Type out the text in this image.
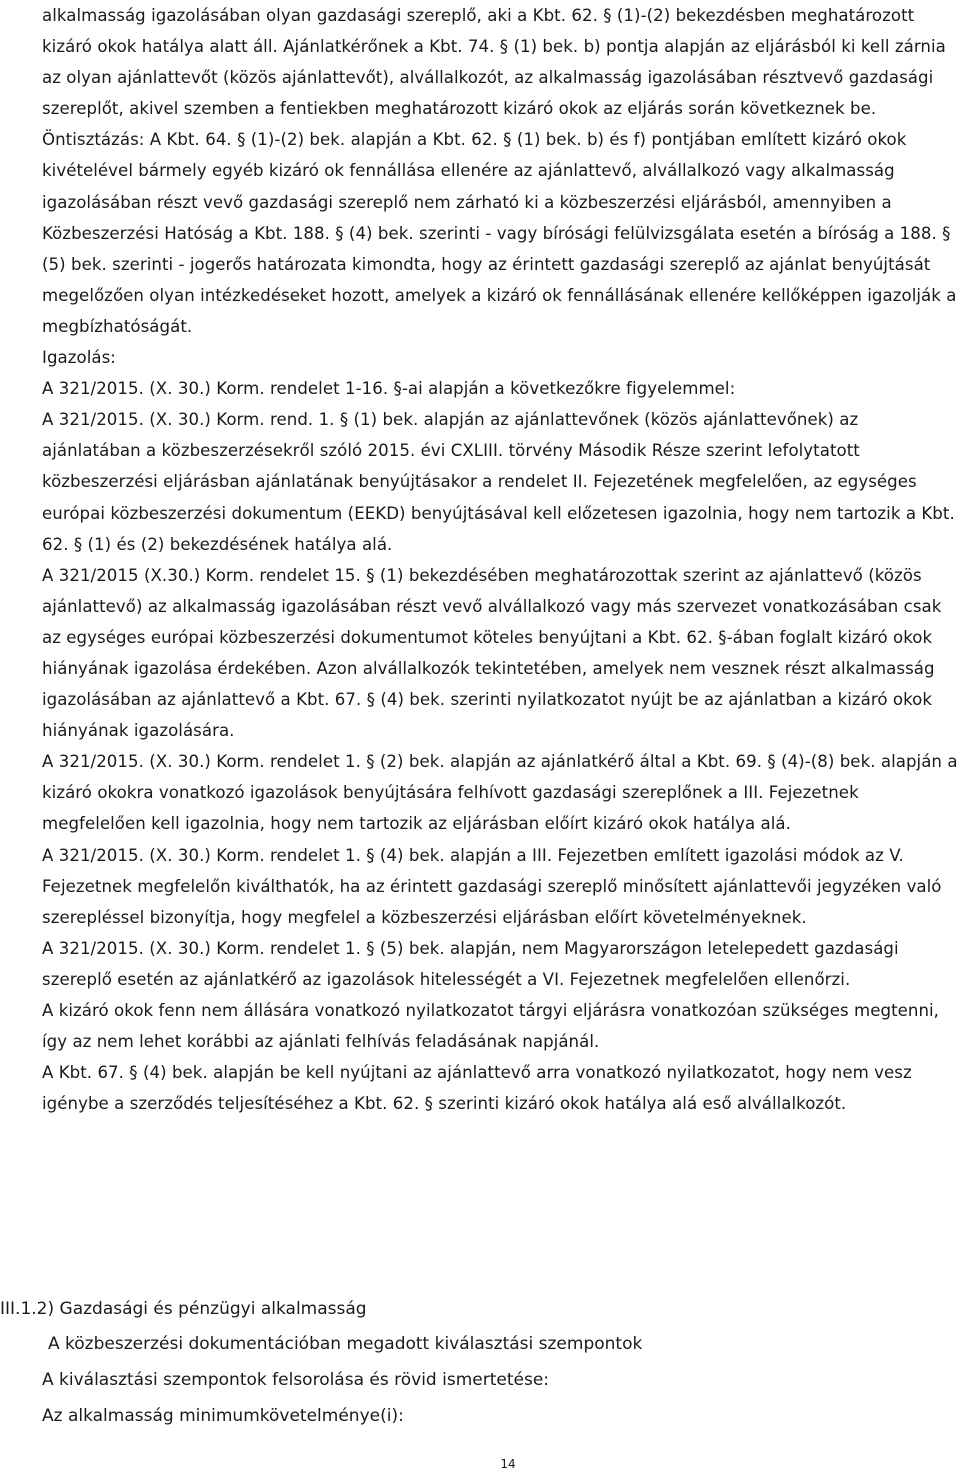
alkalmasság igazolásában olyan gazdasági szereplő, aki a Kbt. 62. § (1)-(2) bekezdésben meghatározott kizáró okok hatálya alatt áll. Ajánlatkérőnek a Kbt. 74. § (1) bek. b) pontja alapján az eljárásból ki kell zárnia az olyan ajánlattevőt (közös ajánlattevőt), alvállalkozót, az alkalmasság igazolásában résztvevő gazdasági szereplőt, akivel szemben a fentiekben meghatározott kizáró okok az eljárás során következnek be.

Öntisztázás: A Kbt. 64. § (1)-(2) bek. alapján a Kbt. 62. § (1) bek. b) és f) pontjában említett kizáró okok kivételével bármely egyéb kizáró ok fennállása ellenére az ajánlattevő, alvállalkozó vagy alkalmasság igazolásában részt vevő gazdasági szereplő nem zárható ki a közbeszerzési eljárásból, amennyiben a Közbeszerzési Hatóság a Kbt. 188. § (4) bek. szerinti - vagy bírósági felülvizsgálata esetén a bíróság a 188. § (5) bek. szerinti - jogerős határozata kimondta, hogy az érintett gazdasági szereplő az ajánlat benyújtását megelőzően olyan intézkedéseket hozott, amelyek a kizáró ok fennállásának ellenére kellőképpen igazolják a megbízhatóságát.

Igazolás:

A 321/2015. (X. 30.) Korm. rendelet 1-16. §-ai alapján a következőkre figyelemmel:

A 321/2015. (X. 30.) Korm. rend. 1. § (1) bek. alapján az ajánlattevőnek (közös ajánlattevőnek) az ajánlatában a közbeszerzésekről szóló 2015. évi CXLIII. törvény Második Része szerint lefolytatott közbeszerzési eljárásban ajánlatának benyújtásakor a rendelet II. Fejezetének megfelelően, az egységes európai közbeszerzési dokumentum (EEKD) benyújtásával kell előzetesen igazolnia, hogy nem tartozik a Kbt. 62. § (1) és (2) bekezdésének hatálya alá.

A 321/2015 (X.30.) Korm. rendelet 15. § (1) bekezdésében meghatározottak szerint az ajánlattevő (közös ajánlattevő) az alkalmasság igazolásában részt vevő alvállalkozó vagy más szervezet vonatkozásában csak az egységes európai közbeszerzési dokumentumot köteles benyújtani a Kbt. 62. §-ában foglalt kizáró okok hiányának igazolása érdekében. Azon alvállalkozók tekintetében, amelyek nem vesznek részt alkalmasság igazolásában az ajánlattevő a Kbt. 67. § (4) bek. szerinti nyilatkozatot nyújt be az ajánlatban a kizáró okok hiányának igazolására.

A 321/2015. (X. 30.) Korm. rendelet 1. § (2) bek. alapján az ajánlatkérő által a Kbt. 69. § (4)-(8) bek. alapján a kizáró okokra vonatkozó igazolások benyújtására felhívott gazdasági szereplőnek a III. Fejezetnek megfelelően kell igazolnia, hogy nem tartozik az eljárásban előírt kizáró okok hatálya alá.

A 321/2015. (X. 30.) Korm. rendelet 1. § (4) bek. alapján a III. Fejezetben említett igazolási módok az V. Fejezetnek megfelelőn kiválthatók, ha az érintett gazdasági szereplő minősített ajánlattevői jegyzéken való szerepléssel bizonyítja, hogy megfelel a közbeszerzési eljárásban előírt követelményeknek.

A 321/2015. (X. 30.) Korm. rendelet 1. § (5) bek. alapján, nem Magyarországon letelepedett gazdasági szereplő esetén az ajánlatkérő az igazolások hitelességét a VI. Fejezetnek megfelelően ellenőrzi.

A kizáró okok fenn nem állására vonatkozó nyilatkozatot tárgyi eljárásra vonatkozóan szükséges megtenni, így az nem lehet korábbi az ajánlati felhívás feladásának napjánál.

A Kbt. 67. § (4) bek. alapján be kell nyújtani az ajánlattevő arra vonatkozó nyilatkozatot, hogy nem vesz igénybe a szerződés teljesítéséhez a Kbt. 62. § szerinti kizáró okok hatálya alá eső alvállalkozót.

III.1.2) Gazdasági és pénzügyi alkalmasság
A közbeszerzési dokumentációban megadott kiválasztási szempontok
A kiválasztási szempontok felsorolása és rövid ismertetése:
Az alkalmasság minimumkövetelménye(i):
14
